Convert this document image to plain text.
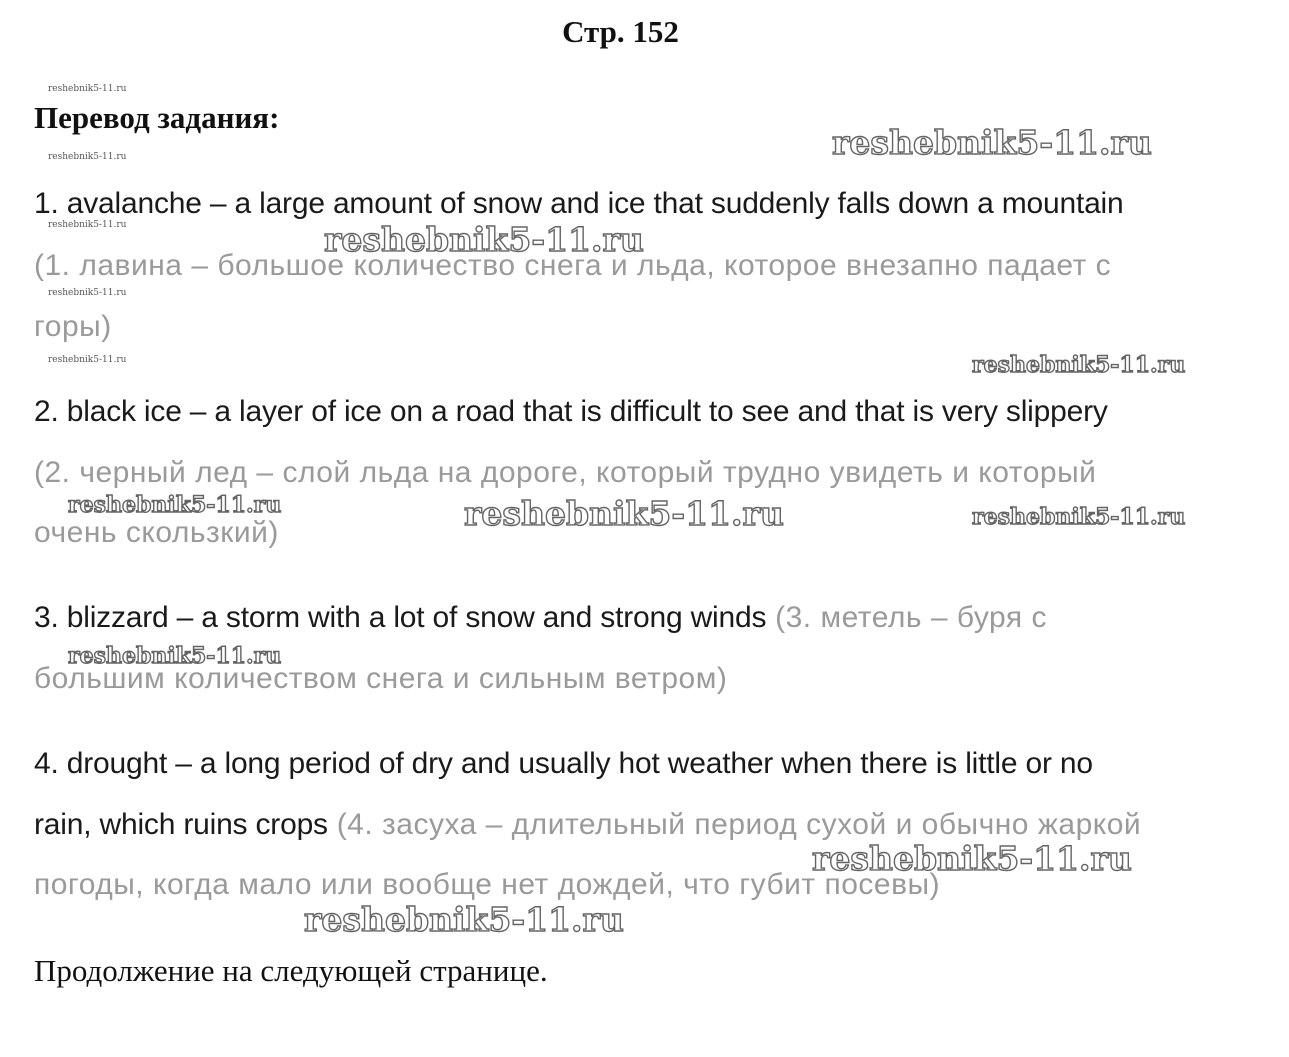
Стр. 152
Перевод задания:
1. avalanche – a large amount of snow and ice that suddenly falls down a mountain
(1. лавина – большое количество снега и льда, которое внезапно падает с
горы)
2. black ice – a layer of ice on a road that is difficult to see and that is very slippery
(2. черный лед – слой льда на дороге, который трудно увидеть и который
очень скользкий)
3. blizzard – a storm with a lot of snow and strong winds (3. метель – буря с
большим количеством снега и сильным ветром)
4. drought – a long period of dry and usually hot weather when there is little or no
rain, which ruins crops (4. засуха – длительный период сухой и обычно жаркой
погоды, когда мало или вообще нет дождей, что губит посевы)
Продолжение на следующей странице.
reshebnik5-11.ru
reshebnik5-11.ru
reshebnik5-11.ru
reshebnik5-11.ru
reshebnik5-11.ru
reshebnik5-11.ru
reshebnik5-11.ru
reshebnik5-11.ru
reshebnik5-11.ru	reshebnik5-11.ru	reshebnik5-11.ru
reshebnik5-11.ru
reshebnik5-11.ru
reshebnik5-11.ru
